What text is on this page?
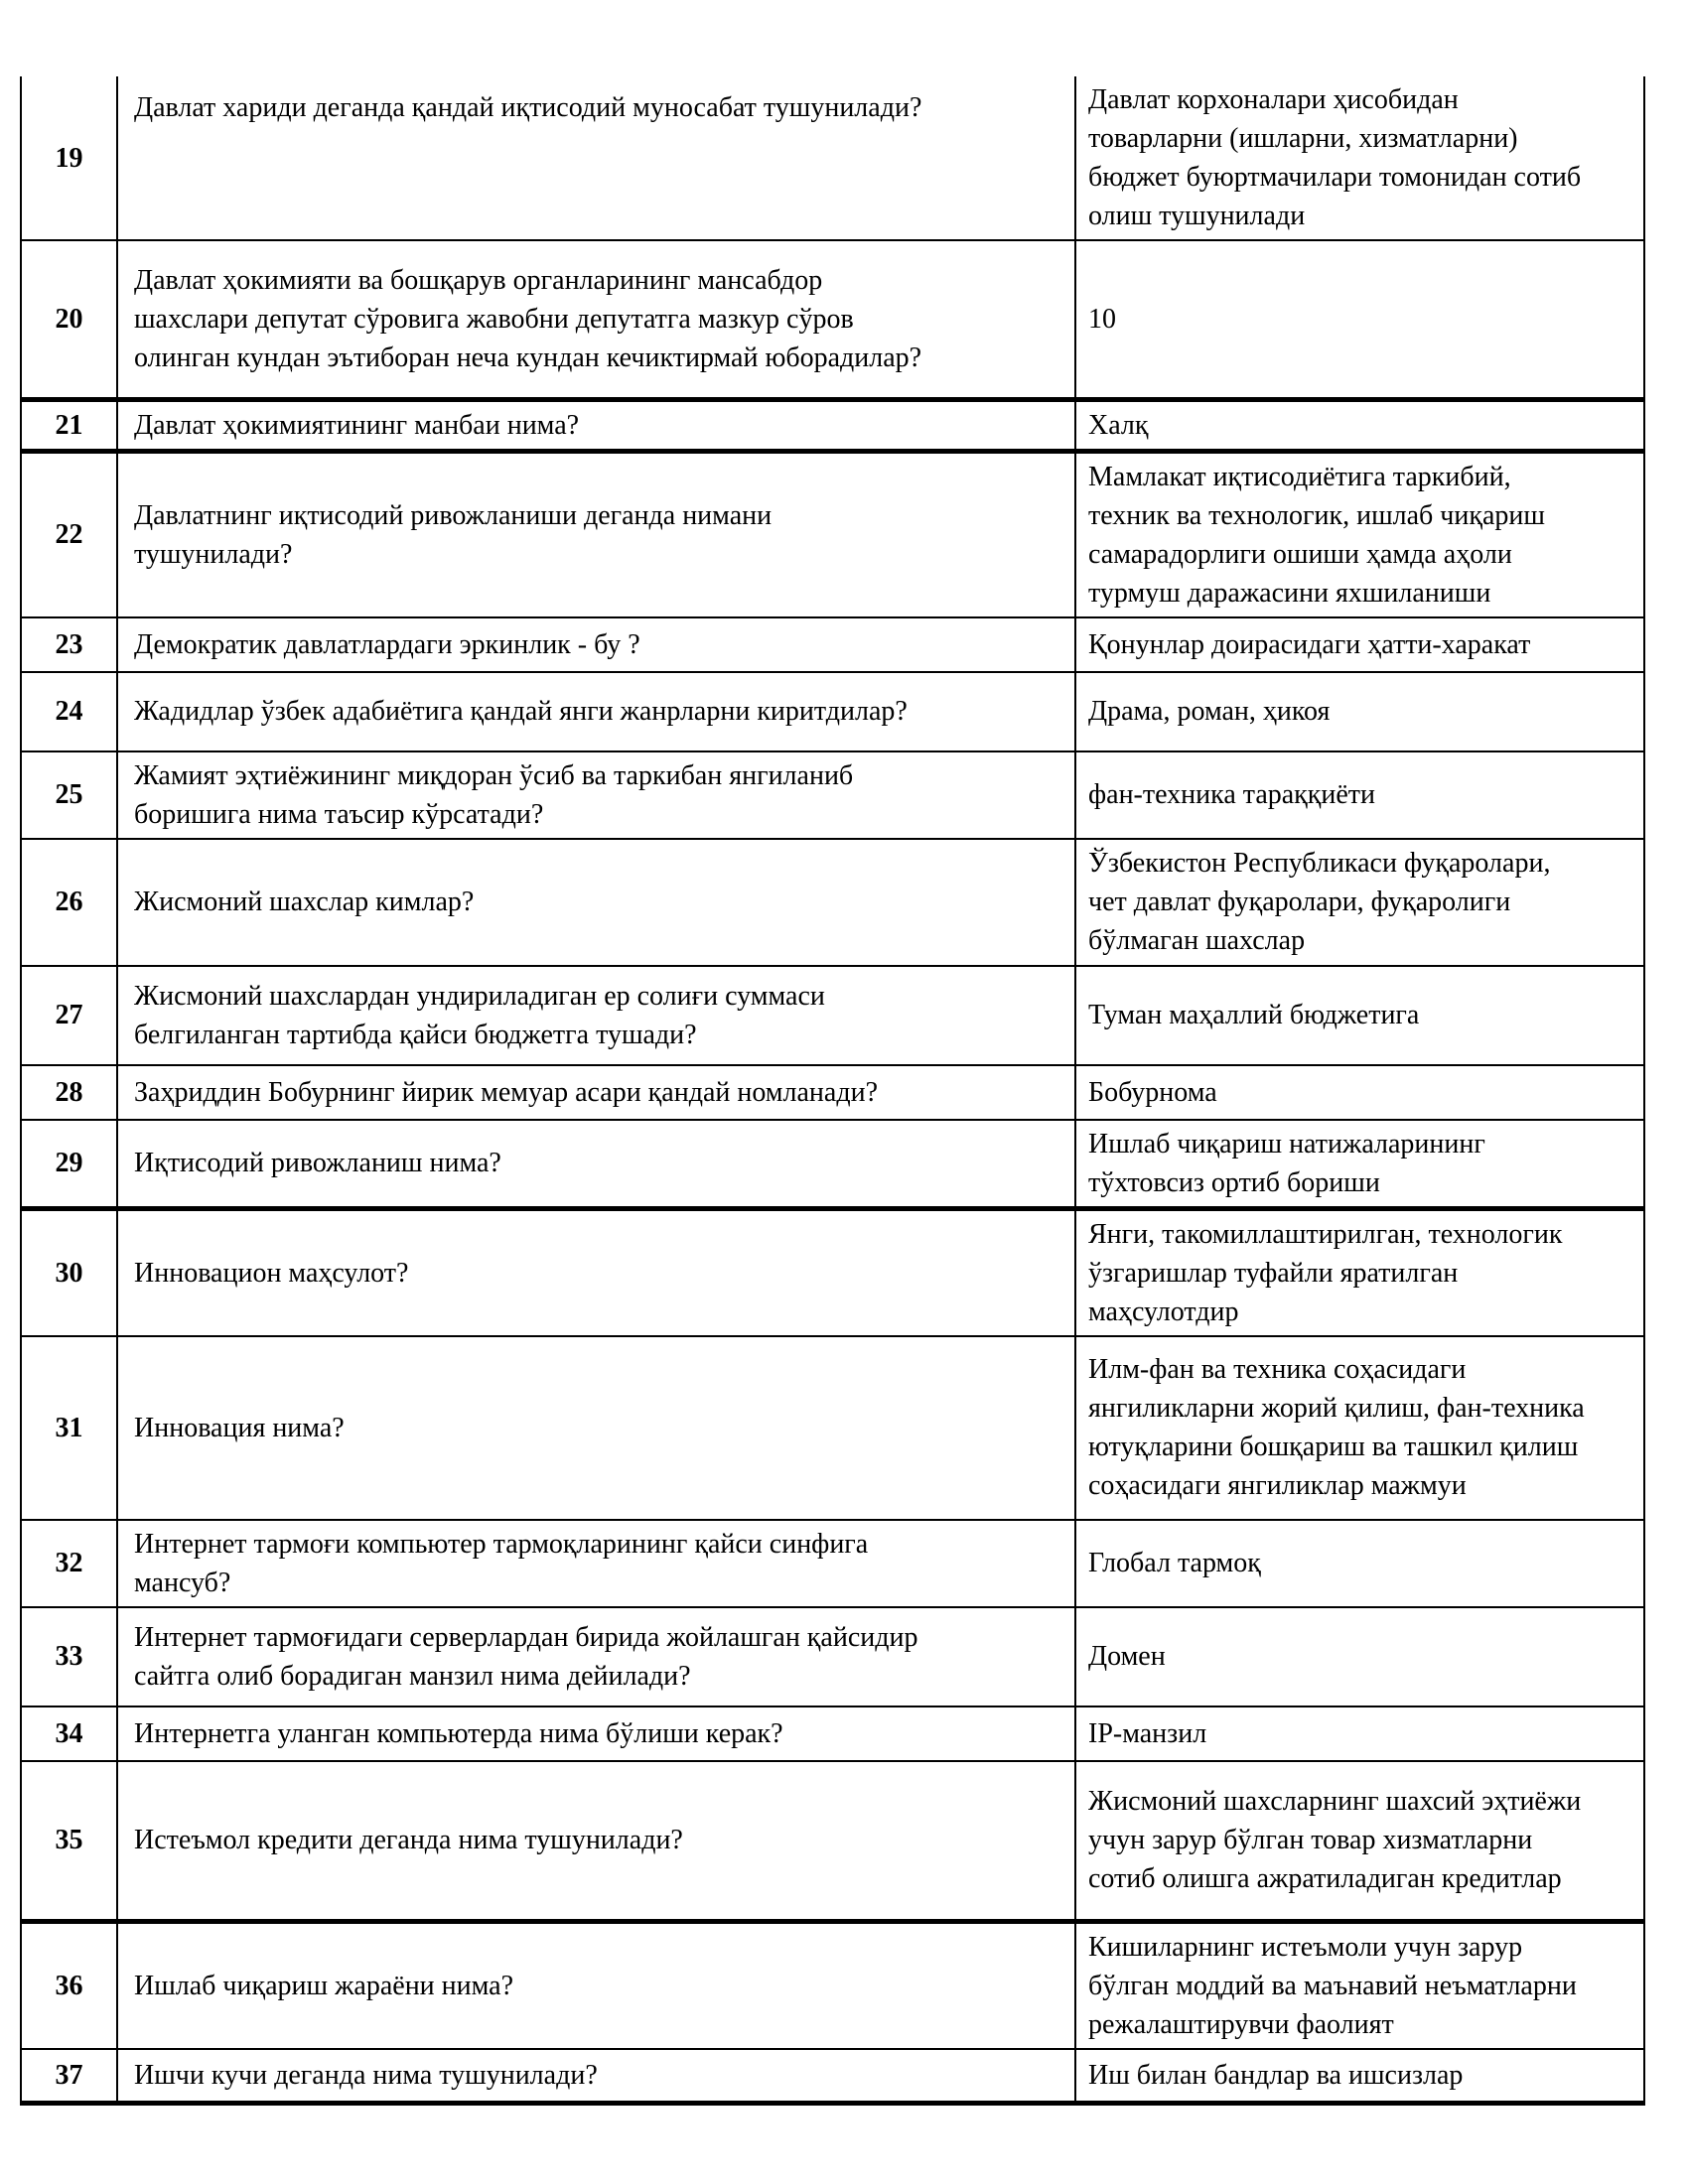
19	Давлат хариди деганда қандай иқтисодий муносабат тушунилади?	Давлат корхоналари ҳисобидан товарларни (ишларни, хизматларни) бюджет буюртмачилари томонидан сотиб олиш тушунилади
20	Давлат ҳокимияти ва бошқарув органларининг мансабдор шахслари депутат сўровига жавобни депутатга мазкур сўров олинган кундан эътиборан неча кундан кечиктирмай юборадилар?	10
21	Давлат ҳокимиятининг манбаи нима?	Халқ
22	Давлатнинг иқтисодий ривожланиши деганда нимани тушунилади?	Мамлакат иқтисодиётига таркибий, техник ва технологик, ишлаб чиқариш самарадорлиги ошиши ҳамда аҳоли турмуш даражасини яхшиланиши
23	Демократик давлатлардаги эркинлик - бу ?	Қонунлар доирасидаги ҳатти-харакат
24	Жадидлар ўзбек адабиётига қандай янги жанрларни киритдилар?	Драма, роман, ҳикоя
25	Жамият эҳтиёжининг миқдоран ўсиб ва таркибан янгиланиб боришига нима таъсир кўрсатади?	фан-техника тараққиёти
26	Жисмоний шахслар кимлар?	Ўзбекистон Республикаси фуқаролари, чет давлат фуқаролари, фуқаролиги бўлмаган шахслар
27	Жисмоний шахслардан ундириладиган ер солиғи суммаси белгиланган тартибда қайси бюджетга тушади?	Туман маҳаллий бюджетига
28	Заҳриддин Бобурнинг йирик мемуар асари қандай номланади?	Бобурнома
29	Иқтисодий ривожланиш нима?	Ишлаб чиқариш натижаларининг тўхтовсиз ортиб бориши
30	Инновацион маҳсулот?	Янги, такомиллаштирилган, технологик ўзгаришлар туфайли яратилган маҳсулотдир
31	Инновация нима?	Илм-фан ва техника соҳасидаги янгиликларни жорий қилиш, фан-техника ютуқларини бошқариш ва ташкил қилиш соҳасидаги янгиликлар мажмуи
32	Интернет тармоғи компьютер тармоқларининг қайси синфига мансуб?	Глобал тармоқ
33	Интернет тармоғидаги серверлардан бирида жойлашган қайсидир сайтга олиб борадиган манзил нима дейилади?	Домен
34	Интернетга уланган компьютерда нима бўлиши керак?	IP-манзил
35	Истеъмол кредити деганда нима тушунилади?	Жисмоний шахсларнинг шахсий эҳтиёжи учун зарур бўлган товар хизматларни сотиб олишга ажратиладиган кредитлар
36	Ишлаб чиқариш жараёни нима?	Кишиларнинг истеъмоли учун зарур бўлган моддий ва маънавий неъматларни режалаштирувчи фаолият
37	Ишчи кучи деганда нима тушунилади?	Иш билан бандлар ва ишсизлар
